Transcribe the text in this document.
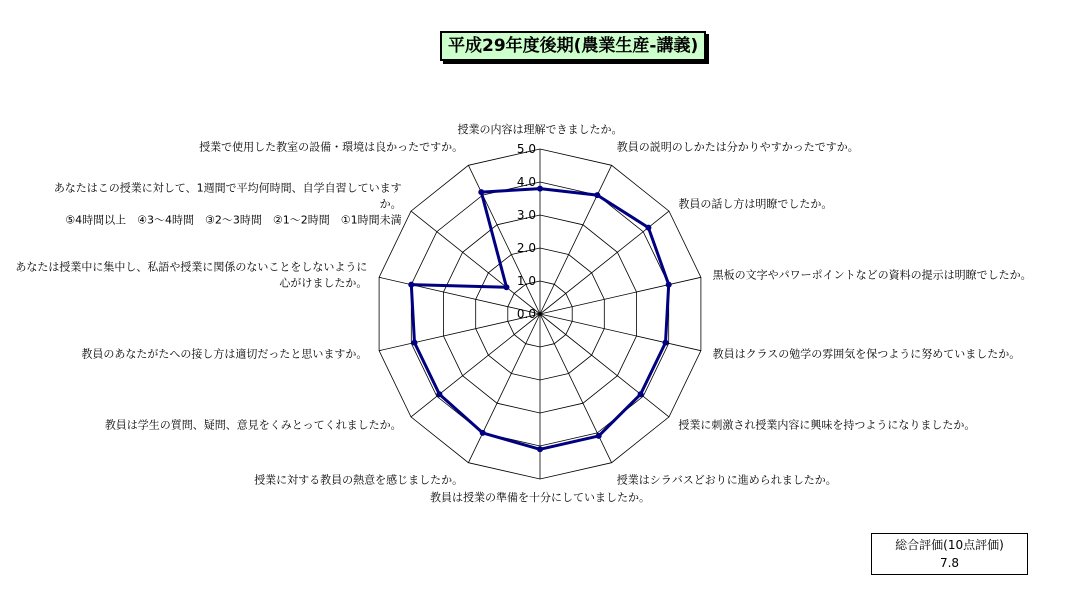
平成29年度後期(農業生産-講義)
0.0
1.0
2.0
3.0
4.0
5.0
授業の内容は理解できましたか。
教員の説明のしかたは分かりやすかったですか。
教員の話し方は明瞭でしたか。
黒板の文字やパワーポイントなどの資料の提示は明瞭でしたか。
教員はクラスの勉学の雰囲気を保つように努めていましたか。
授業に刺激され授業内容に興味を持つようになりましたか。
授業はシラバスどおりに進められましたか。
教員は授業の準備を十分にしていましたか。
授業に対する教員の熱意を感じましたか。
教員は学生の質問、疑問、意見をくみとってくれましたか。
教員のあなたがたへの接し方は適切だったと思いますか。
あなたは授業中に集中し、私語や授業に関係のないことをしないように
心がけましたか。
あなたはこの授業に対して、1週間で平均何時間、自学自習しています
か。
⑤4時間以上　④3～4時間　③2～3時間　②1～2時間　①1時間未満
授業で使用した教室の設備・環境は良かったですか。
総合評価(10点評価)
7.8
